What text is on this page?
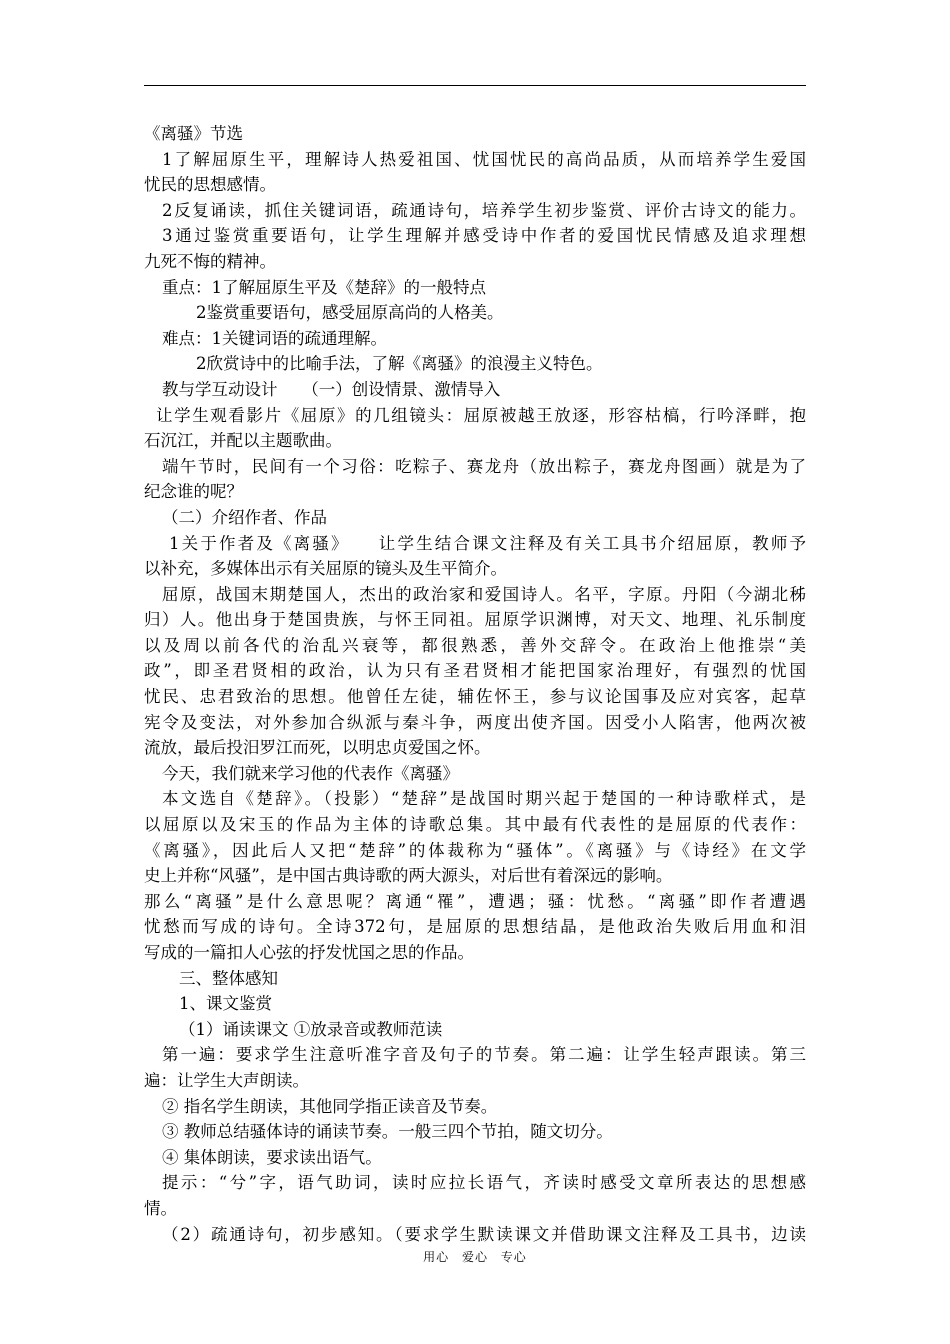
《离骚》节选
1了解屈原生平，理解诗人热爱祖国、忧国忧民的高尚品质，从而培养学生爱国
忧民的思想感情。
2反复诵读，抓住关键词语，疏通诗句，培养学生初步鉴赏、评价古诗文的能力。
3通过鉴赏重要语句，让学生理解并感受诗中作者的爱国忧民情感及追求理想
九死不悔的精神。
重点：1了解屈原生平及《楚辞》的一般特点
2鉴赏重要语句，感受屈原高尚的人格美。
难点：1关键词语的疏通理解。
2欣赏诗中的比喻手法，了解《离骚》的浪漫主义特色。
教与学互动设计　　（一）创设情景、激情导入
让学生观看影片《屈原》的几组镜头：屈原被越王放逐，形容枯槁，行吟泽畔，抱
石沉江，并配以主题歌曲。
端午节时，民间有一个习俗：吃粽子、赛龙舟（放出粽子，赛龙舟图画）就是为了
纪念谁的呢？
（二）介绍作者、作品
1关于作者及《离骚》　　让学生结合课文注释及有关工具书介绍屈原，教师予
以补充，多媒体出示有关屈原的镜头及生平简介。
屈原，战国末期楚国人，杰出的政治家和爱国诗人。名平，字原。丹阳（今湖北秭
归）人。他出身于楚国贵族，与怀王同祖。屈原学识渊博，对天文、地理、礼乐制度
以及周以前各代的治乱兴衰等，都很熟悉，善外交辞令。在政治上他推崇“美
政”，即圣君贤相的政治，认为只有圣君贤相才能把国家治理好，有强烈的忧国
忧民、忠君致治的思想。他曾任左徒，辅佐怀王，参与议论国事及应对宾客，起草
宪令及变法，对外参加合纵派与秦斗争，两度出使齐国。因受小人陷害，他两次被
流放，最后投汨罗江而死，以明忠贞爱国之怀。
今天，我们就来学习他的代表作《离骚》
本文选自《楚辞》。（投影）“楚辞”是战国时期兴起于楚国的一种诗歌样式，是
以屈原以及宋玉的作品为主体的诗歌总集。其中最有代表性的是屈原的代表作：
《离骚》，因此后人又把“楚辞”的体裁称为“骚体”。《离骚》与《诗经》在文学
史上并称“风骚”，是中国古典诗歌的两大源头，对后世有着深远的影响。
那么“离骚”是什么意思呢？离通“罹”，遭遇；骚：忧愁。“离骚”即作者遭遇
忧愁而写成的诗句。全诗372句，是屈原的思想结晶，是他政治失败后用血和泪
写成的一篇扣人心弦的抒发忧国之思的作品。
三、整体感知
1、课文鉴赏
（1）诵读课文 ①放录音或教师范读
第一遍：要求学生注意听准字音及句子的节奏。第二遍：让学生轻声跟读。第三
遍：让学生大声朗读。
② 指名学生朗读，其他同学指正读音及节奏。
③ 教师总结骚体诗的诵读节奏。一般三四个节拍，随文切分。
④ 集体朗读，要求读出语气。
提示：“兮”字，语气助词，读时应拉长语气，齐读时感受文章所表达的思想感
情。
（2）疏通诗句，初步感知。（要求学生默读课文并借助课文注释及工具书，边读
用心 爱心 专心
